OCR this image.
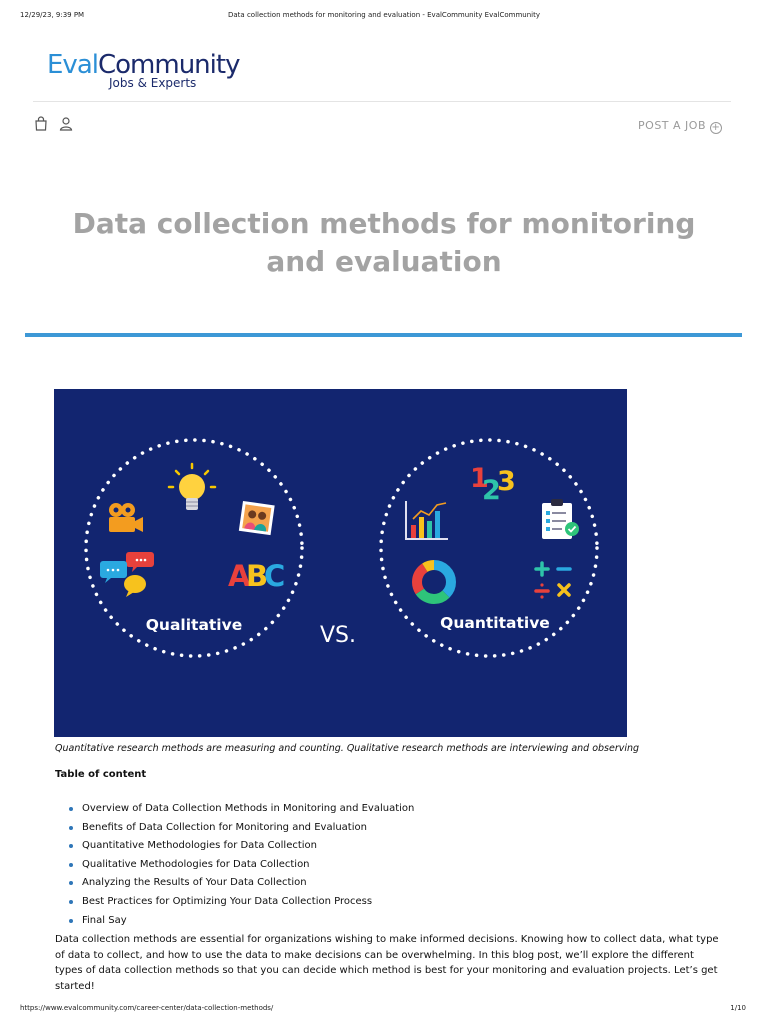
12/29/23, 9:39 PM	Data collection methods for monitoring and evaluation - EvalCommunity EvalCommunity
EvalCommunity
Jobs & Experts
POST A JOB +
Data collection methods for monitoring and evaluation
A
B
C
Qualitative	VS.	Quantitative
1
2
3

Quantitative research methods are measuring and counting. Qualitative research methods are interviewing and observing

Table of content
Overview of Data Collection Methods in Monitoring and Evaluation
Benefits of Data Collection for Monitoring and Evaluation
Quantitative Methodologies for Data Collection
Qualitative Methodologies for Data Collection
Analyzing the Results of Your Data Collection
Best Practices for Optimizing Your Data Collection Process
Final Say

Data collection methods are essential for organizations wishing to make informed decisions. Knowing how to collect data, what type of data to collect, and how to use the data to make decisions can be overwhelming. In this blog post, we’ll explore the different types of data collection methods so that you can decide which method is best for your monitoring and evaluation projects. Let’s get started!

https://www.evalcommunity.com/career-center/data-collection-methods/	1/10
